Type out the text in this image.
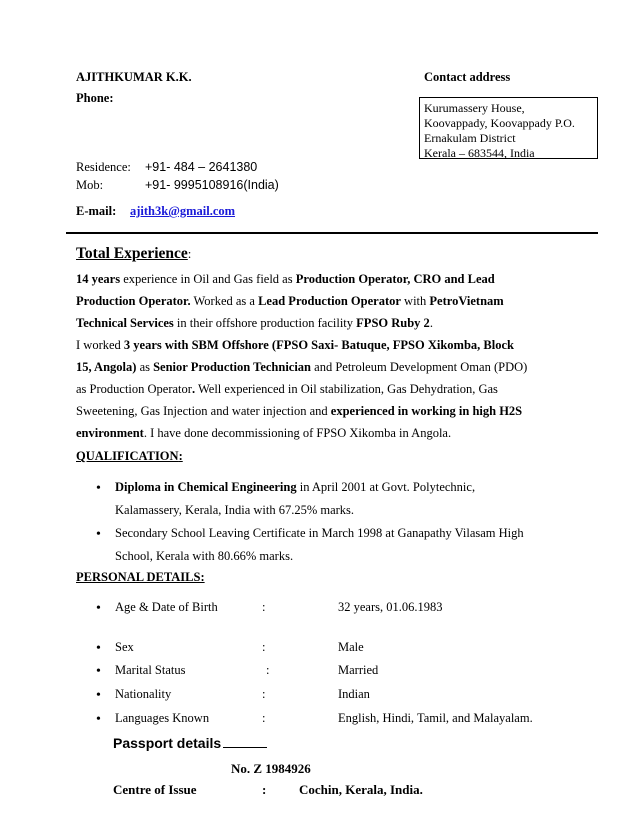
AJITHKUMAR K.K.	Contact address
Phone:
Kurumassery House,
Koovappady, Koovappady P.O.
Ernakulam District
Kerala – 683544, India
Residence: +91- 484 – 2641380
Mob:	+91- 9995108916(India)
E-mail: ajith3k@gmail.com
Total Experience:
14 years experience in Oil and Gas field as Production Operator, CRO and Lead
Production Operator. Worked as a Lead Production Operator with PetroVietnam
Technical Services in their offshore production facility FPSO Ruby 2.
I worked 3 years with SBM Offshore (FPSO Saxi- Batuque, FPSO Xikomba, Block
15, Angola) as Senior Production Technician and Petroleum Development Oman (PDO)
as Production Operator. Well experienced in Oil stabilization, Gas Dehydration, Gas
Sweetening, Gas Injection and water injection and experienced in working in high H2S
environment. I have done decommissioning of FPSO Xikomba in Angola.
QUALIFICATION:
• Diploma in Chemical Engineering in April 2001 at Govt. Polytechnic,
Kalamassery, Kerala, India with 67.25% marks.
• Secondary School Leaving Certificate in March 1998 at Ganapathy Vilasam High
School, Kerala with 80.66% marks.
PERSONAL DETAILS:
• Age & Date of Birth	:	32 years, 01.06.1983
• Sex	:	Male
• Marital Status	:	Married
• Nationality	:	Indian
• Languages Known	:	English, Hindi, Tamil, and Malayalam.
Passport details
No. Z 1984926
Centre of Issue	:	Cochin, Kerala, India.
